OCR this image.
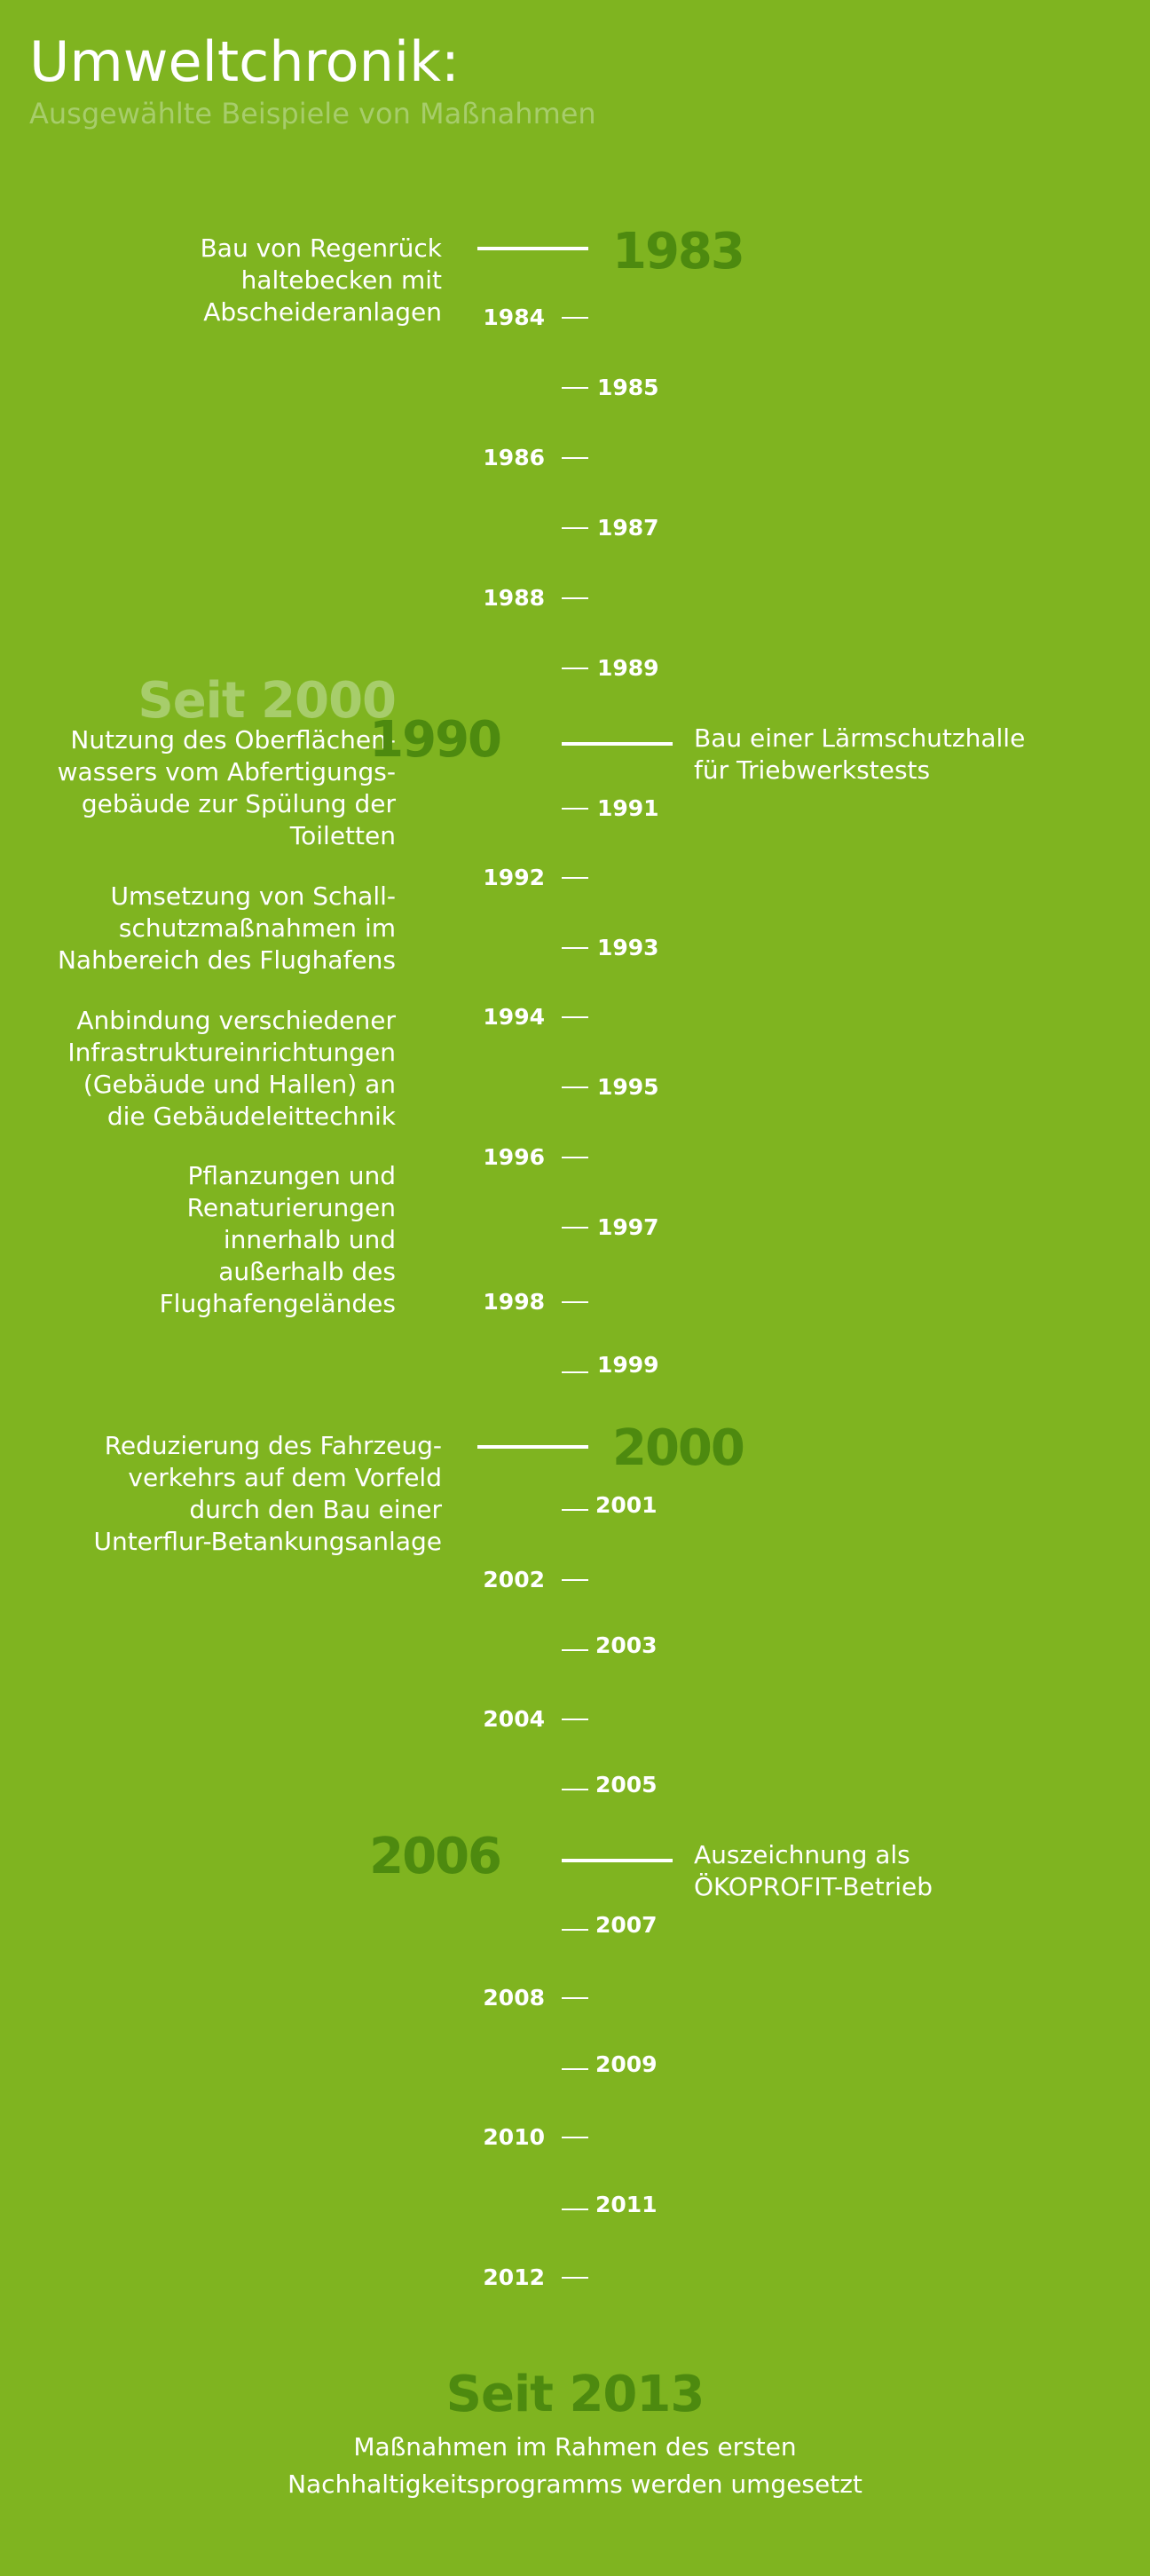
Umweltchronik:
Ausgewählte Beispiele von Maßnahmen
Bau von Regenrück
haltebecken mit
Abscheideranlagen
1983
1984
1985
1986
1987
1988
1989
Seit 2000
Nutzung des Oberflächen-
wassers vom Abfertigungs-
gebäude zur Spülung der
Toiletten
Umsetzung von Schall-
schutzmaßnahmen im
Nahbereich des Flughafens
Anbindung verschiedener
Infrastruktureinrichtungen
(Gebäude und Hallen) an
die Gebäudeleittechnik
Pflanzungen und
Renaturierungen
innerhalb und
außerhalb des
Flughafengeländes
1990	Bau einer Lärmschutzhalle
für Triebwerkstests
1991
1992
1993
1994
1995
1996
1997
1998
1999
Reduzierung des Fahrzeug-
verkehrs auf dem Vorfeld
durch den Bau einer
Unterflur-Betankungsanlage
2000
2001
2002
2003
2004
2005
2006	Auszeichnung als
ÖKOPROFIT-Betrieb
2007
2008
2009
2010
2011
2012
Seit 2013
Maßnahmen im Rahmen des ersten
Nachhaltigkeitsprogramms werden umgesetzt
